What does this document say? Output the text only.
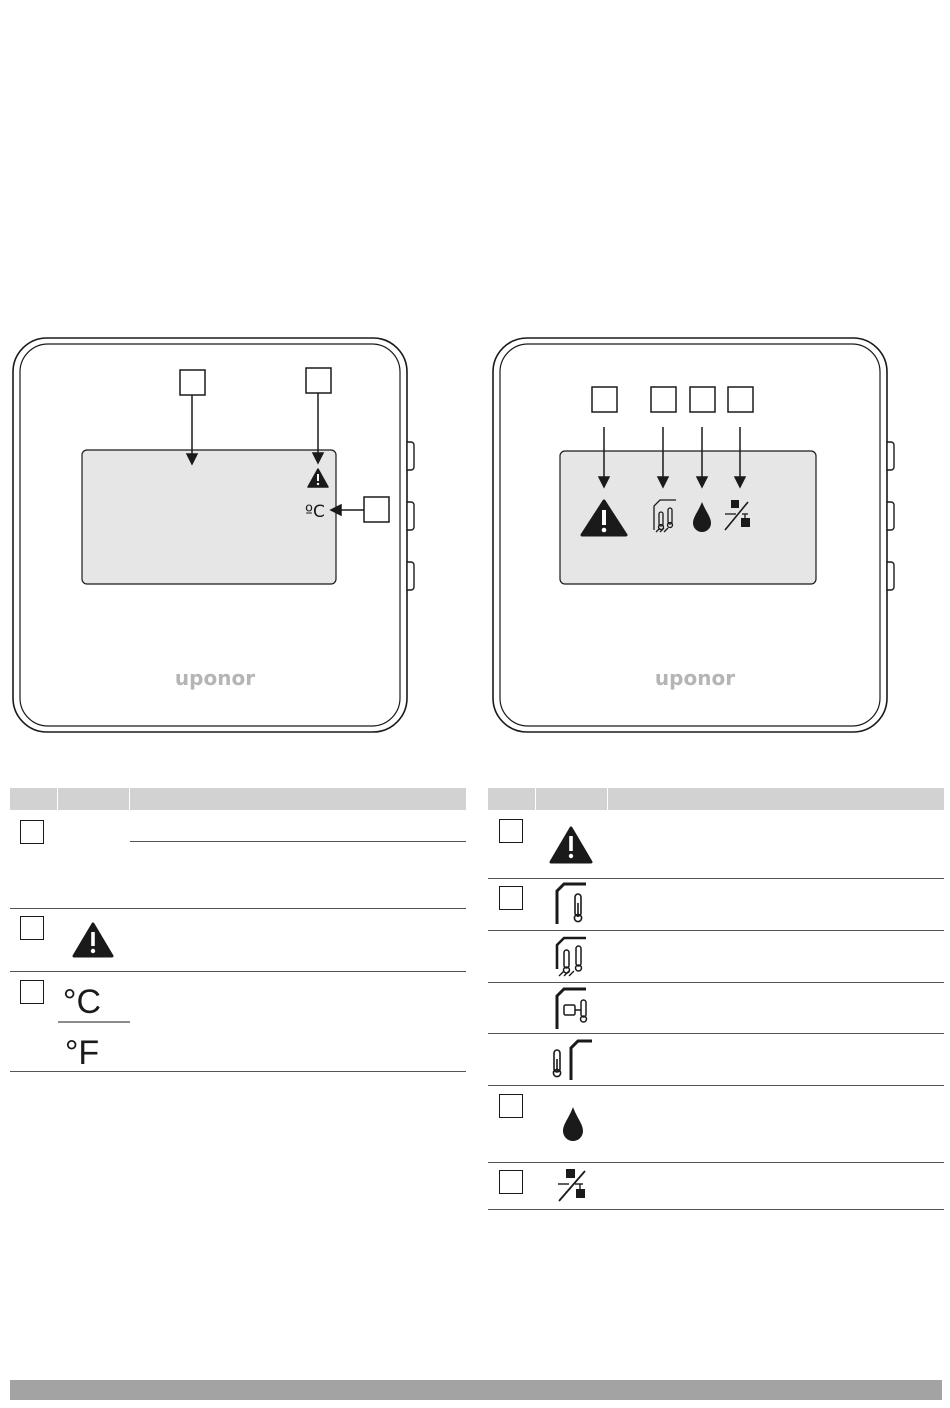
ºC
uponor	uponor
°C
°F
